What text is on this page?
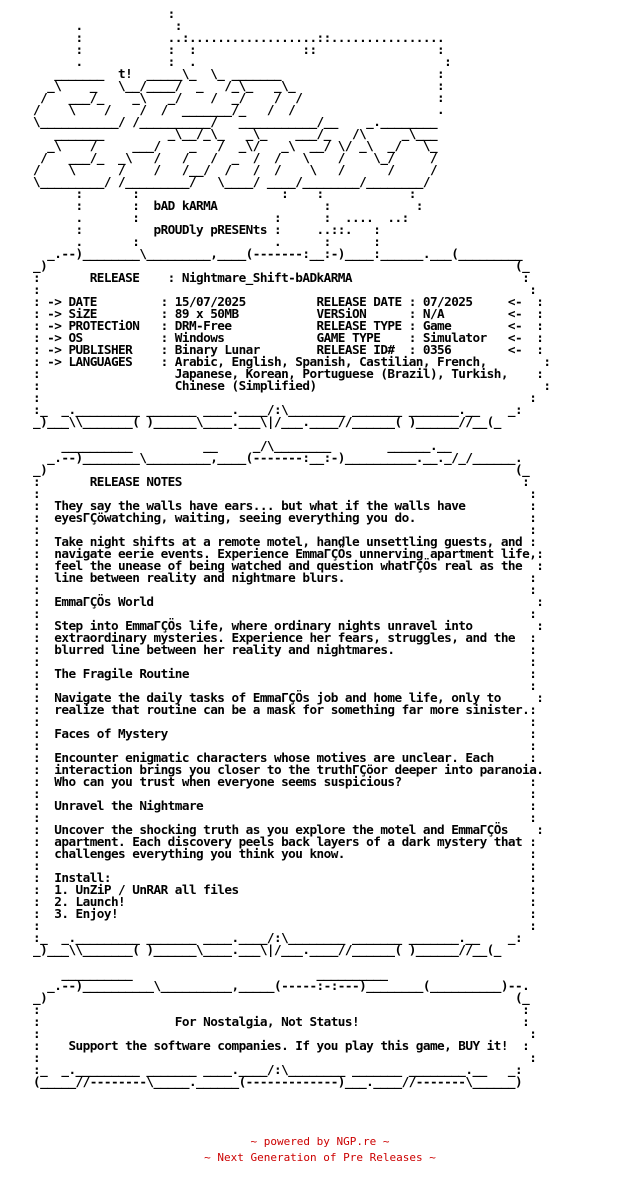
:
.             :
:            ..:..................::................
:            :  :               ::                 :
.            :  .                                   :
_______  t!  _____\_  \_ _______                      :
_\    _   \__/____/  _   /_\_   _\_                    :
/   ___/_    _\   _/    /  _/    /  /                   :
/    \    /    /  /  _______/_   /  /                    .
\___________/ /__________/   ___________/__    _.________
_______         _\__/_\_   _\_    ___/_   /\     _\___
_\    /     ___/    _   /  _\/   _\  __/ \/ _\  _/   \_
/   ___/_  _\   /   /   /  _  /  /   \    /    \_/     /
/    \      /    /   /__/  /   /  /    \   /      /     /
\_________/ /_________/   \____/ ____/________/________/
:       :                    :    :            :
:       :  bAD kARMA               :            :
.       :                   :      :  ....  ..:
:          pROUDly pRESENts :     ..::.   :
.       :                   .      :      :
_.--)________\_________,____(-------:__:-)____:______.___(_________
_)                                                                  (_
:       RELEASE    : Nightmare_Shift-bADkARMA                        :
:                                                                     :
: -> DATE         : 15/07/2025          RELEASE DATE : 07/2025     <-  :
: -> SiZE         : 89 x 50MB           VERSiON      : N/A         <-  :
: -> PROTECTiON   : DRM-Free            RELEASE TYPE : Game        <-  :
: -> OS           : Windows             GAME TYPE    : Simulator   <-  :
: -> PUBLISHER    : Binary Lunar        RELEASE ID#  : 0356        <-  :
: -> LANGUAGES    : Arabic, English, Spanish, Castilian, French,        :
:                   Japanese, Korean, Portuguese (Brazil), Turkish,    :
:                   Chinese (Simplified)                                :
:                                                                     :
:_  _._________ _______ ____.____/:\________ _______ _______.__    _:
_)___\\_______( )______\____.___\|/___.____//______( )______//__(_

__________          __     _/\________        ______.__
_.--)________\_________,____(-------:__:-)__________.__._/_/______.
_)                                                                  (_
:       RELEASE NOTES                                                :
:                                                                     :
:  They say the walls have ears... but what if the walls have         :
:  eyesΓÇöwatching, waiting, seeing everything you do.                :
:                                                                     :
:  Take night shifts at a remote motel, handle unsettling guests, and :
:  navigate eerie events. Experience EmmaΓÇÖs unnerving apartment life,:
:  feel the unease of being watched and question whatΓÇÖs real as the  :
:  line between reality and nightmare blurs.                          :
:                                                                     :
:  EmmaΓÇÖs World                                                      :
:                                                                     :
:  Step into EmmaΓÇÖs life, where ordinary nights unravel into         :
:  extraordinary mysteries. Experience her fears, struggles, and the  :
:  blurred line between her reality and nightmares.                   :
:                                                                     :
:  The Fragile Routine                                                :
:                                                                     :
:  Navigate the daily tasks of EmmaΓÇÖs job and home life, only to     :
:  realize that routine can be a mask for something far more sinister.:
:                                                                     :
:  Faces of Mystery                                                   :
:                                                                     :
:  Encounter enigmatic characters whose motives are unclear. Each     :
:  interaction brings you closer to the truthΓÇöor deeper into paranoia.
:  Who can you trust when everyone seems suspicious?                  :
:                                                                     :
:  Unravel the Nightmare                                              :
:                                                                     :
:  Uncover the shocking truth as you explore the motel and EmmaΓÇÖs    :
:  apartment. Each discovery peels back layers of a dark mystery that :
:  challenges everything you think you know.                          :
:                                                                     :
:  Install:                                                           :
:  1. UnZiP / UnRAR all files                                         :
:  2. Launch!                                                         :
:  3. Enjoy!                                                          :
:                                                                     :
:_  _._________ _______ ____.____/:\________ _______ _______.__    _:
_)___\\_______( )______\____.___\|/___.____//______( )______//__(_

__________                          __________
_.--)__________\__________,_____(-----:-:---)________(__________)--.
_)                                                                  (_
:                                                                    :
:                   For Nostalgia, Not Status!                       :
:                                                                     :
:    Support the software companies. If you play this game, BUY it!  :
:                                                                     :
:_  _._________ _______ ____.____/:\________ _______ ________.__   _:
(_____//--------\_____.______(-------------)___.____//-------\______)
~ powered by NGP.re ~
~ Next Generation of Pre Releases ~
